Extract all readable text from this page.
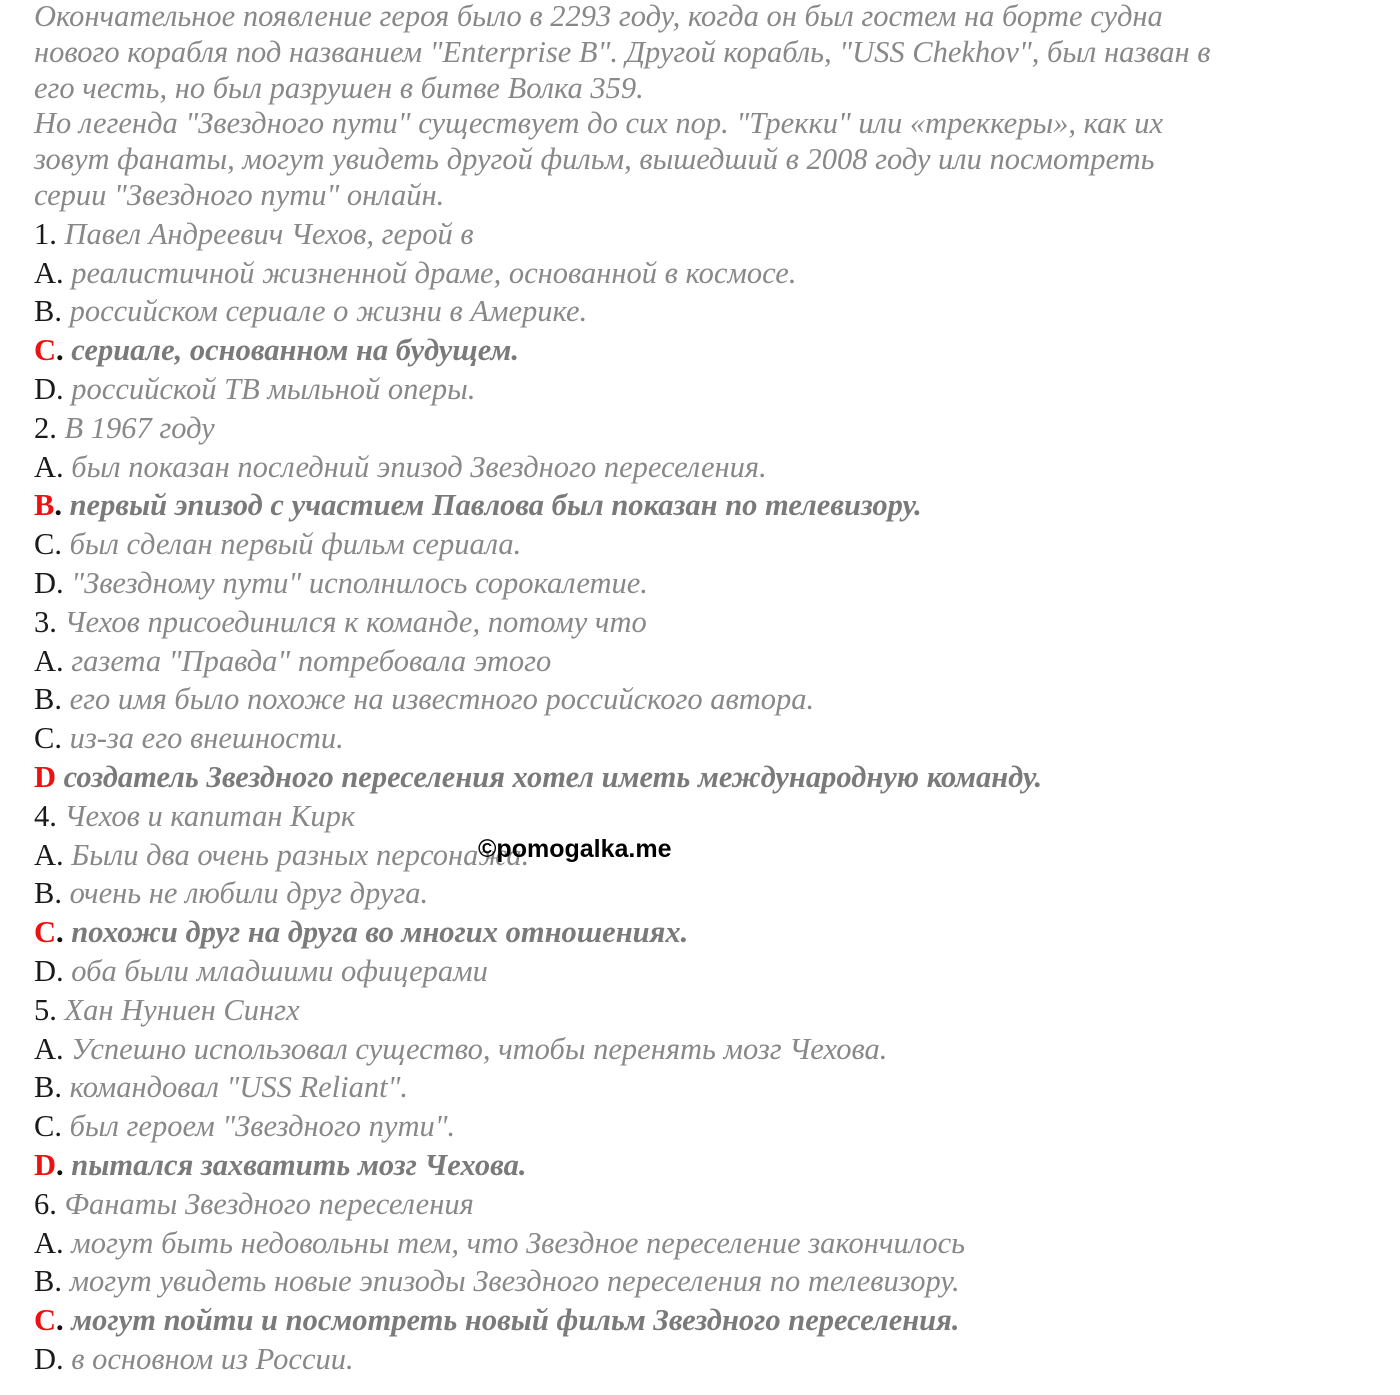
Окончательное появление героя было в 2293 году, когда он был гостем на борте судна
нового корабля под названием "Enterprise B". Другой корабль, "USS Chekhov", был назван в
его честь, но был разрушен в битве Волка 359.
Но легенда "Звездного пути" существует до сих пор. "Трекки" или «треккеры», как их
зовут фанаты, могут увидеть другой фильм, вышедший в 2008 году или посмотреть
серии "Звездного пути" онлайн.
1. Павел Андреевич Чехов, герой в
A. реалистичной жизненной драме, основанной в космосе.
B. российском сериале о жизни в Америке.
C. сериале, основанном на будущем.
D. российской ТВ мыльной оперы.
2. В 1967 году
A. был показан последний эпизод Звездного переселения.
B. первый эпизод с участием Павлова был показан по телевизору.
C. был сделан первый фильм сериала.
D. "Звездному пути" исполнилось сорокалетие.
3. Чехов присоединился к команде, потому что
A. газета "Правда" потребовала этого
B. его имя было похоже на известного российского автора.
C. из-за его внешности.
D создатель Звездного переселения хотел иметь международную команду.
4. Чехов и капитан Кирк
A. Были два очень разных персонажа.
B. очень не любили друг друга.
C. похожи друг на друга во многих отношениях.
D. оба были младшими офицерами
5. Хан Нуниен Сингх
A. Успешно использовал существо, чтобы перенять мозг Чехова.
B. командовал "USS Reliant".
C. был героем "Звездного пути".
D. пытался захватить мозг Чехова.
6. Фанаты Звездного переселения
A. могут быть недовольны тем, что Звездное переселение закончилось
B. могут увидеть новые эпизоды Звездного переселения по телевизору.
C. могут пойти и посмотреть новый фильм Звездного переселения.
D. в основном из России.
©pomogalka.me
